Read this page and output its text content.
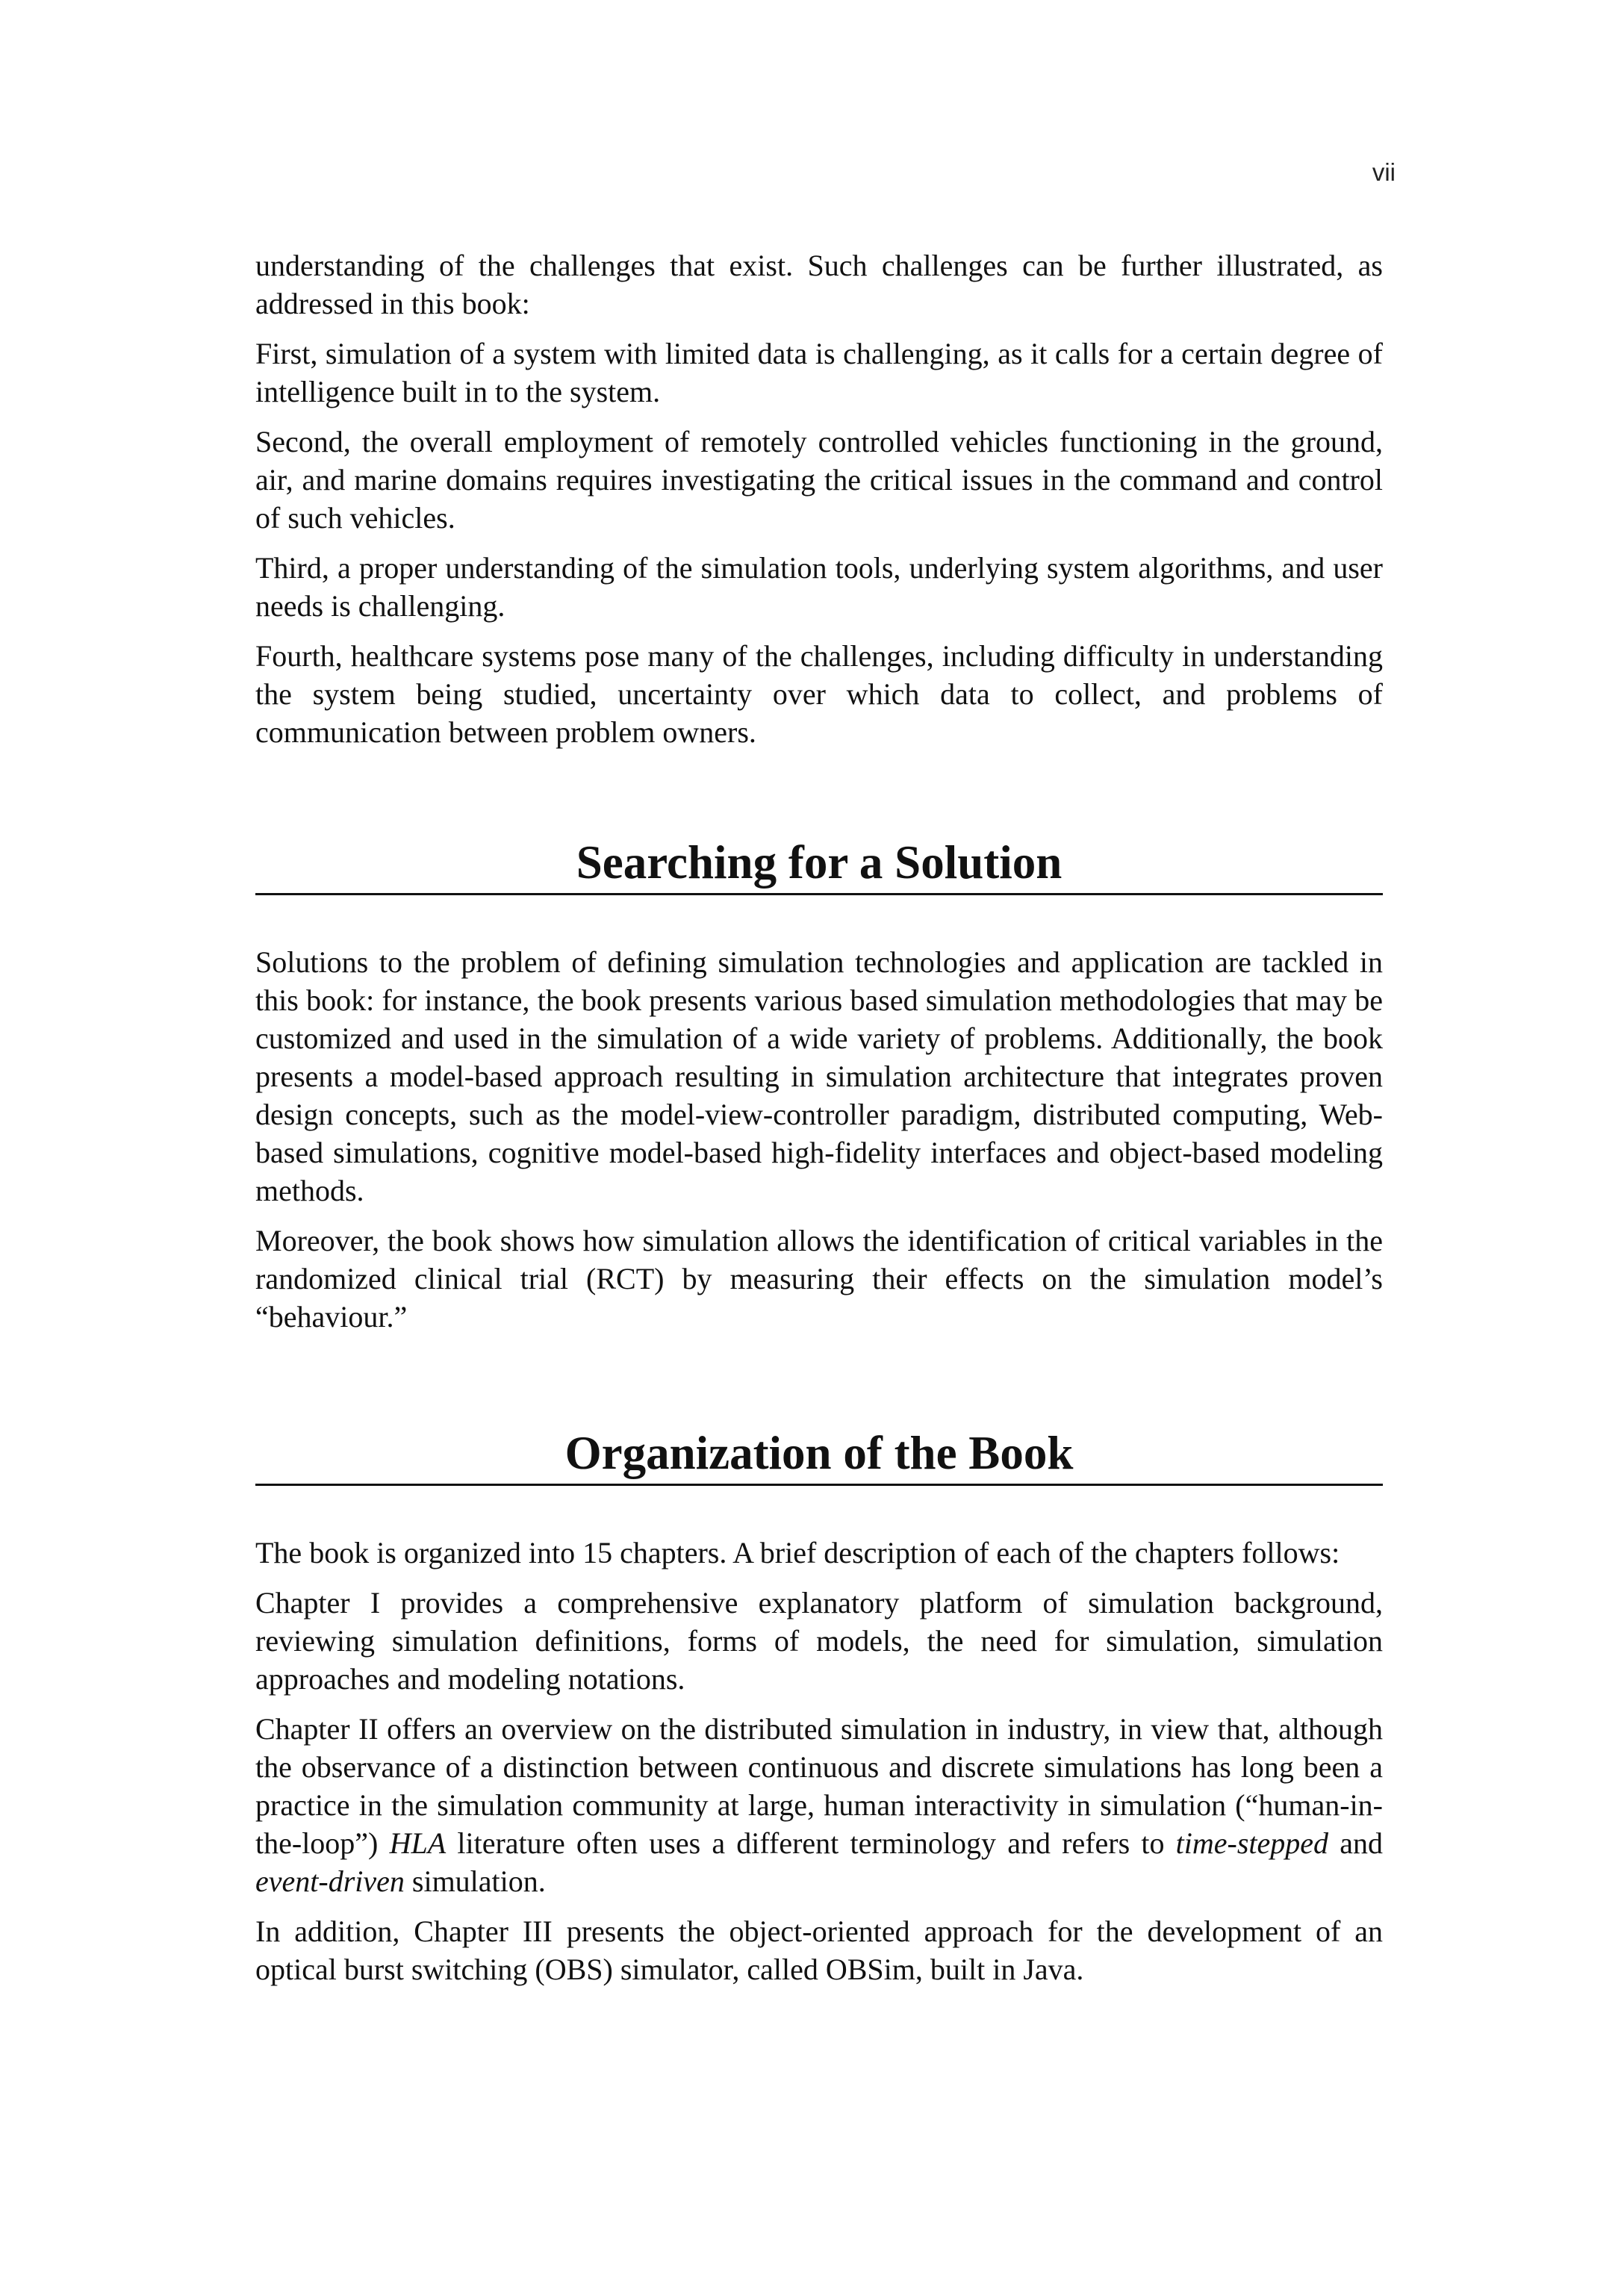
vii

understanding of the challenges that exist. Such challenges can be further illustrated, as addressed in this book:

First, simulation of a system with limited data is challenging, as it calls for a certain degree of intelligence built in to the system.

Second, the overall employment of remotely controlled vehicles functioning in the ground, air, and marine domains requires investigating the critical issues in the command and control of such vehicles.

Third, a proper understanding of the simulation tools, underlying system algorithms, and user needs is challenging.

Fourth, healthcare systems pose many of the challenges, including difficulty in understanding the system being studied, uncertainty over which data to collect, and problems of communication between problem owners.

Searching for a Solution

Solutions to the problem of defining simulation technologies and application are tackled in this book: for instance, the book presents various based simulation methodologies that may be customized and used in the simulation of a wide variety of problems. Additionally, the book presents a model-based approach resulting in simulation architecture that integrates proven design concepts, such as the model-view-controller paradigm, distributed computing, Web-based simulations, cognitive model-based high-fidelity interfaces and object-based modeling methods.

Moreover, the book shows how simulation allows the identification of critical variables in the randomized clinical trial (RCT) by measuring their effects on the simulation model’s “behaviour.”

Organization of the Book

The book is organized into 15 chapters. A brief description of each of the chapters follows:

Chapter I provides a comprehensive explanatory platform of simulation background, reviewing simulation definitions, forms of models, the need for simulation, simulation approaches and modeling notations.

Chapter II offers an overview on the distributed simulation in industry, in view that, although the observance of a distinction between continuous and discrete simulations has long been a practice in the simulation community at large, human interactivity in simulation (“human-in-the-loop”) HLA literature often uses a different terminology and refers to time-stepped and event-driven simulation.

In addition, Chapter III presents the object-oriented approach for the development of an optical burst switching (OBS) simulator, called OBSim, built in Java.
